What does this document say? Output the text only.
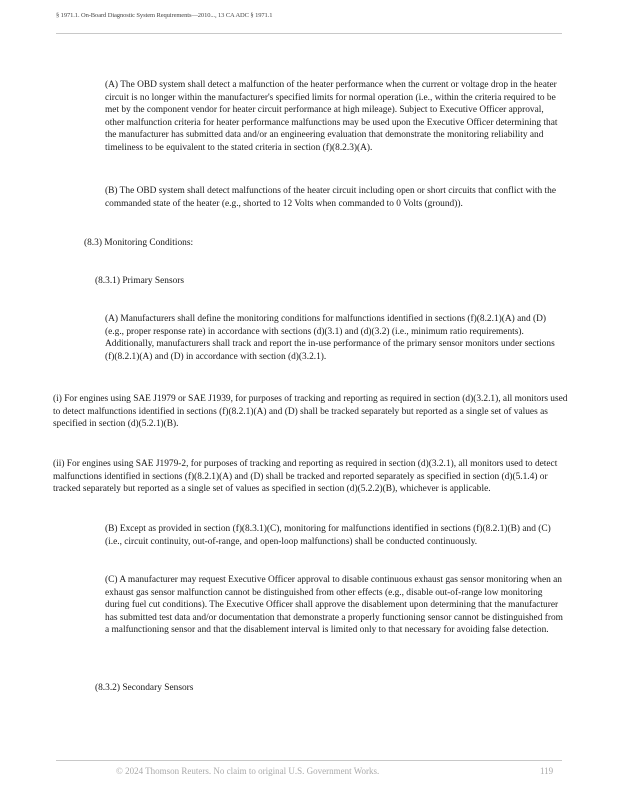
§ 1971.1. On-Board Diagnostic System Requirements—2010..., 13 CA ADC § 1971.1

(A) The OBD system shall detect a malfunction of the heater performance when the current or voltage drop in the heater circuit is no longer within the manufacturer's specified limits for normal operation (i.e., within the criteria required to be met by the component vendor for heater circuit performance at high mileage). Subject to Executive Officer approval, other malfunction criteria for heater performance malfunctions may be used upon the Executive Officer determining that the manufacturer has submitted data and/or an engineering evaluation that demonstrate the monitoring reliability and timeliness to be equivalent to the stated criteria in section (f)(8.2.3)(A).

(B) The OBD system shall detect malfunctions of the heater circuit including open or short circuits that conflict with the commanded state of the heater (e.g., shorted to 12 Volts when commanded to 0 Volts (ground)).

(8.3) Monitoring Conditions:

(8.3.1) Primary Sensors

(A) Manufacturers shall define the monitoring conditions for malfunctions identified in sections (f)(8.2.1)(A) and (D) (e.g., proper response rate) in accordance with sections (d)(3.1) and (d)(3.2) (i.e., minimum ratio requirements). Additionally, manufacturers shall track and report the in-use performance of the primary sensor monitors under sections (f)(8.2.1)(A) and (D) in accordance with section (d)(3.2.1).

(i) For engines using SAE J1979 or SAE J1939, for purposes of tracking and reporting as required in section (d)(3.2.1), all monitors used to detect malfunctions identified in sections (f)(8.2.1)(A) and (D) shall be tracked separately but reported as a single set of values as specified in section (d)(5.2.1)(B).

(ii) For engines using SAE J1979-2, for purposes of tracking and reporting as required in section (d)(3.2.1), all monitors used to detect malfunctions identified in sections (f)(8.2.1)(A) and (D) shall be tracked and reported separately as specified in section (d)(5.1.4) or tracked separately but reported as a single set of values as specified in section (d)(5.2.2)(B), whichever is applicable.

(B) Except as provided in section (f)(8.3.1)(C), monitoring for malfunctions identified in sections (f)(8.2.1)(B) and (C) (i.e., circuit continuity, out-of-range, and open-loop malfunctions) shall be conducted continuously.

(C) A manufacturer may request Executive Officer approval to disable continuous exhaust gas sensor monitoring when an exhaust gas sensor malfunction cannot be distinguished from other effects (e.g., disable out-of-range low monitoring during fuel cut conditions). The Executive Officer shall approve the disablement upon determining that the manufacturer has submitted test data and/or documentation that demonstrate a properly functioning sensor cannot be distinguished from a malfunctioning sensor and that the disablement interval is limited only to that necessary for avoiding false detection.

(8.3.2) Secondary Sensors

© 2024 Thomson Reuters. No claim to original U.S. Government Works.	119
